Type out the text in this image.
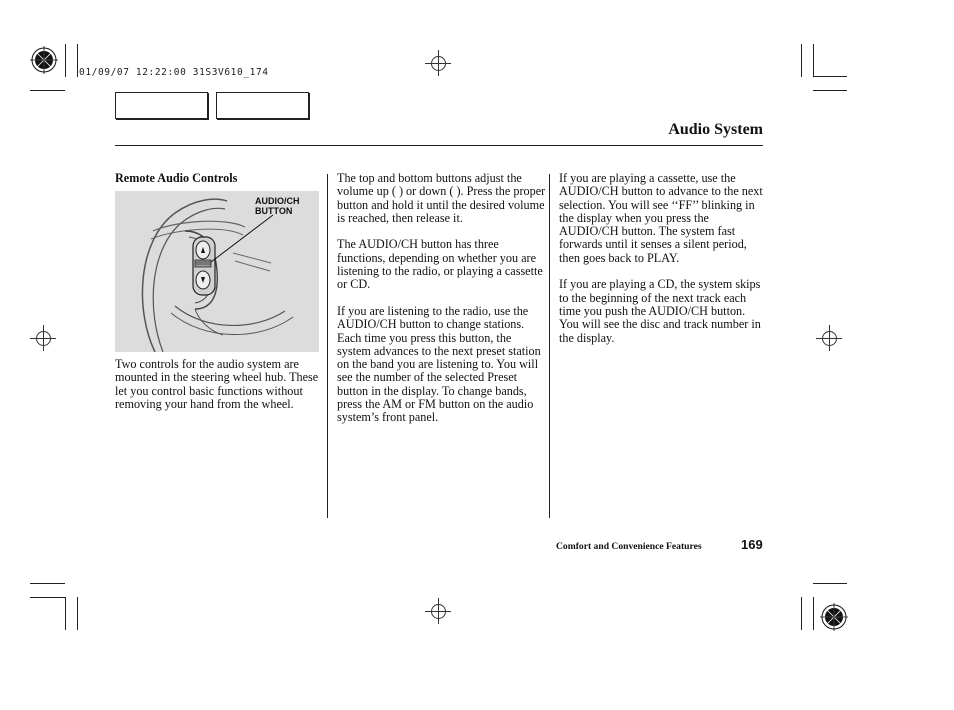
01/09/07 12:22:00 31S3V610_174
Audio System
Remote Audio Controls
AUDIO/CH
BUTTON

Two controls for the audio system are mounted in the steering wheel hub. These let you control basic functions without removing your hand from the wheel.

The top and bottom buttons adjust the volume up ( ) or down ( ). Press the proper button and hold it until the desired volume is reached, then release it.

The AUDIO/CH button has three functions, depending on whether you are listening to the radio, or playing a cassette or CD.

If you are listening to the radio, use the AUDIO/CH button to change stations. Each time you press this button, the system advances to the next preset station on the band you are listening to. You will see the number of the selected Preset button in the display. To change bands, press the AM or FM button on the audio system’s front panel.

If you are playing a cassette, use the AUDIO/CH button to advance to the next selection. You will see ‘‘FF’’ blinking in the display when you press the AUDIO/CH button. The system fast forwards until it senses a silent period, then goes back to PLAY.

If you are playing a CD, the system skips to the beginning of the next track each time you push the AUDIO/CH button. You will see the disc and track number in the display.

Comfort and Convenience Features	169
